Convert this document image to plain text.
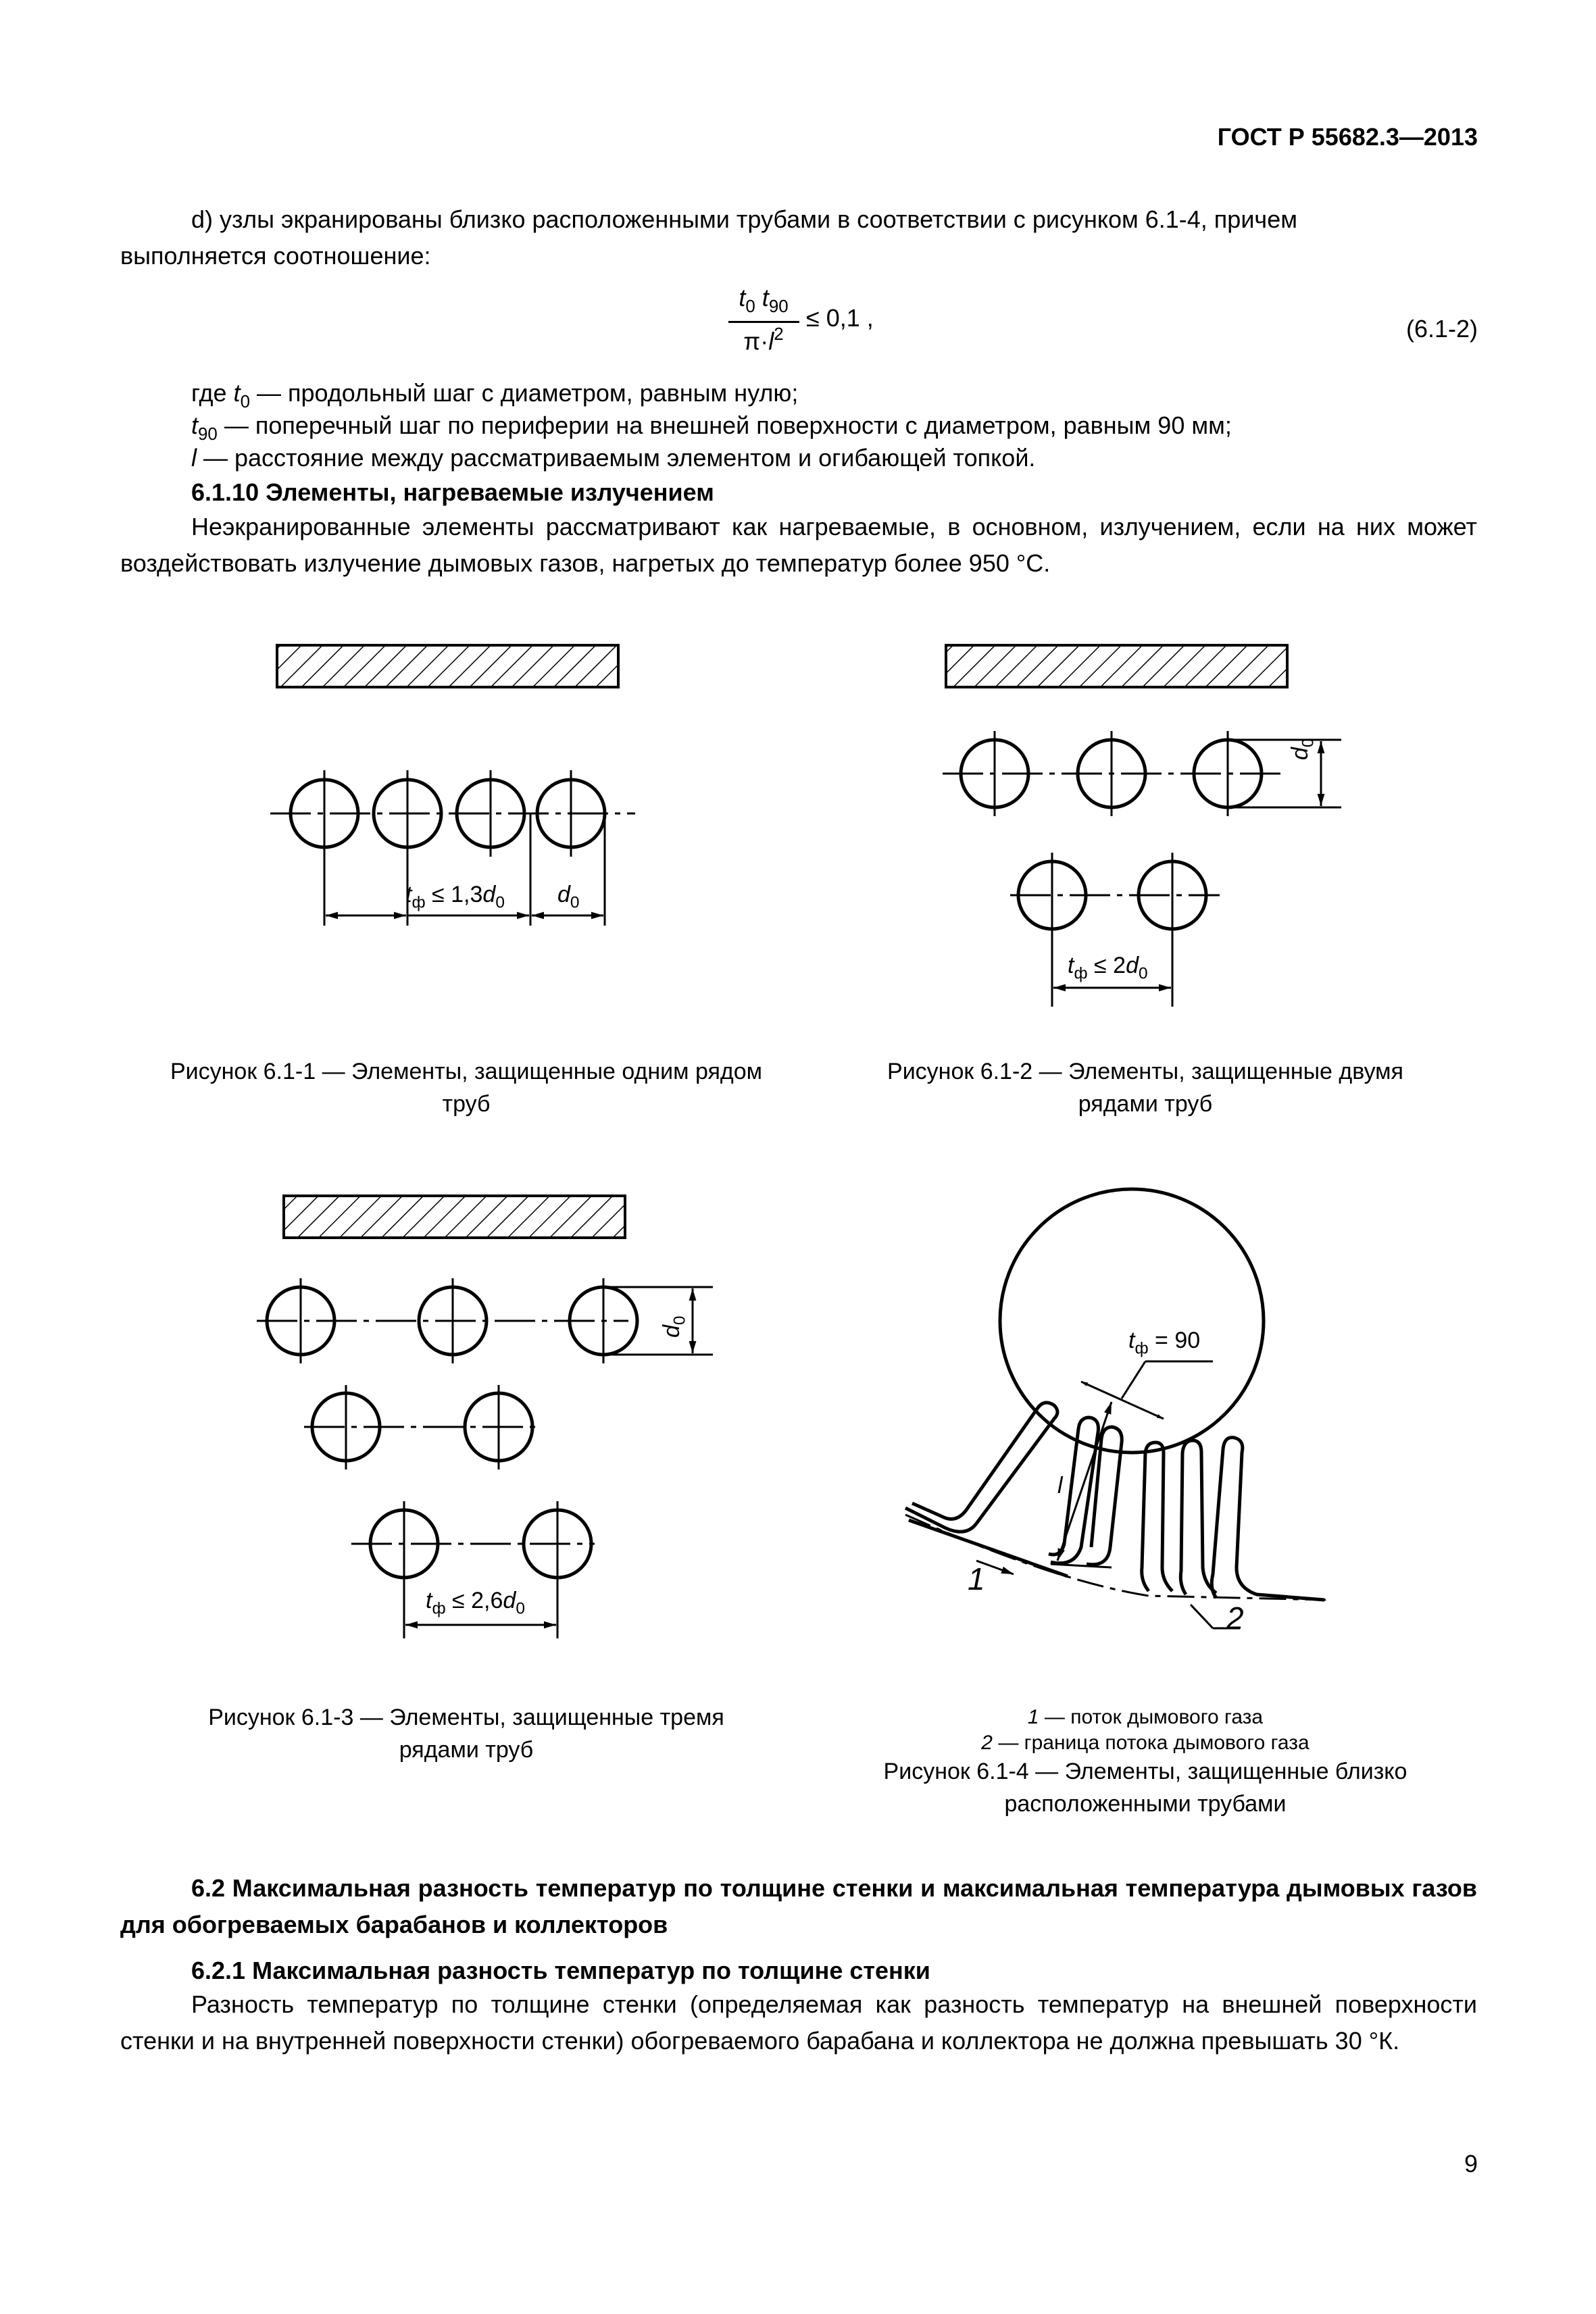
ГОСТ Р 55682.3—2013
d) узлы экранированы близко расположенными трубами в соответствии с рисунком 6.1-4, причем
выполняется соотношение:
$t_0$ $t_{90}$
$\pi\cdot l^2$
≤ 0,1 ,	(6.1-2)
где $t_0$ — продольный шаг с диаметром, равным нулю;
$t_{90}$ — поперечный шаг по периферии на внешней поверхности с диаметром, равным 90 мм;
l — расстояние между рассматриваемым элементом и огибающей топкой.
6.1.10 Элементы, нагреваемые излучением
Неэкранированные элементы рассматривают как нагреваемые, в основном, излучением, если на них может воздействовать излучение дымовых газов, нагретых до температур более 950 °С.
$t_ф \le 1,3d_0$ $d_0$
$t_ф \le 2d_0$
$d_0$
$t_ф \le 2,6d_0$
$d_0$
$t_ф = 90$
l
1
2
Рисунок 6.1-1 — Элементы, защищенные одним рядом труб
Рисунок 6.1-2 — Элементы, защищенные двумя рядами труб
Рисунок 6.1-3 — Элементы, защищенные тремя рядами труб
1 — поток дымового газа
2 — граница потока дымового газа
Рисунок 6.1-4 — Элементы, защищенные близко расположенными трубами
6.2 Максимальная разность температур по толщине стенки и максимальная температура дымовых газов для обогреваемых барабанов и коллекторов
6.2.1 Максимальная разность температур по толщине стенки
Разность температур по толщине стенки (определяемая как разность температур на внешней поверхности стенки и на внутренней поверхности стенки) обогреваемого барабана и коллектора не должна превышать 30 °К.
9
